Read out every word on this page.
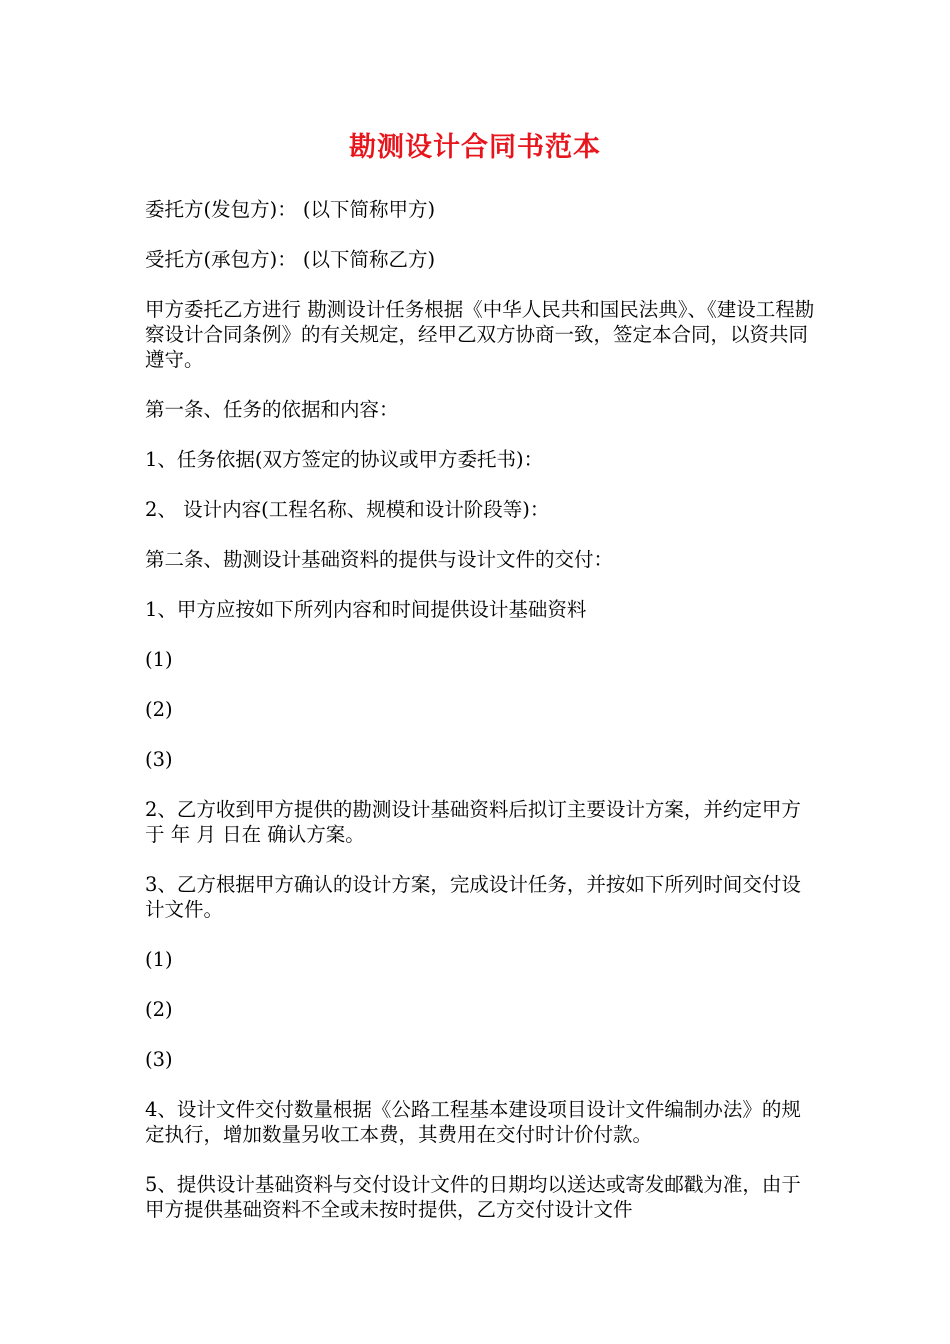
勘测设计合同书范本

委托方(发包方)： (以下简称甲方)

受托方(承包方)： (以下简称乙方)

甲方委托乙方进行 勘测设计任务根据《中华人民共和国民法典》、《建设工程勘察设计合同条例》的有关规定，经甲乙双方协商一致，签定本合同，以资共同遵守。

第一条、任务的依据和内容：

1、任务依据(双方签定的协议或甲方委托书)：

2、 设计内容(工程名称、规模和设计阶段等)：

第二条、勘测设计基础资料的提供与设计文件的交付：

1、甲方应按如下所列内容和时间提供设计基础资料

(1)

(2)

(3)

2、乙方收到甲方提供的勘测设计基础资料后拟订主要设计方案，并约定甲方于 年 月 日在 确认方案。

3、乙方根据甲方确认的设计方案，完成设计任务，并按如下所列时间交付设计文件。

(1)

(2)

(3)

4、设计文件交付数量根据《公路工程基本建设项目设计文件编制办法》的规定执行，增加数量另收工本费，其费用在交付时计价付款。

5、提供设计基础资料与交付设计文件的日期均以送达或寄发邮戳为准，由于甲方提供基础资料不全或未按时提供，乙方交付设计文件
